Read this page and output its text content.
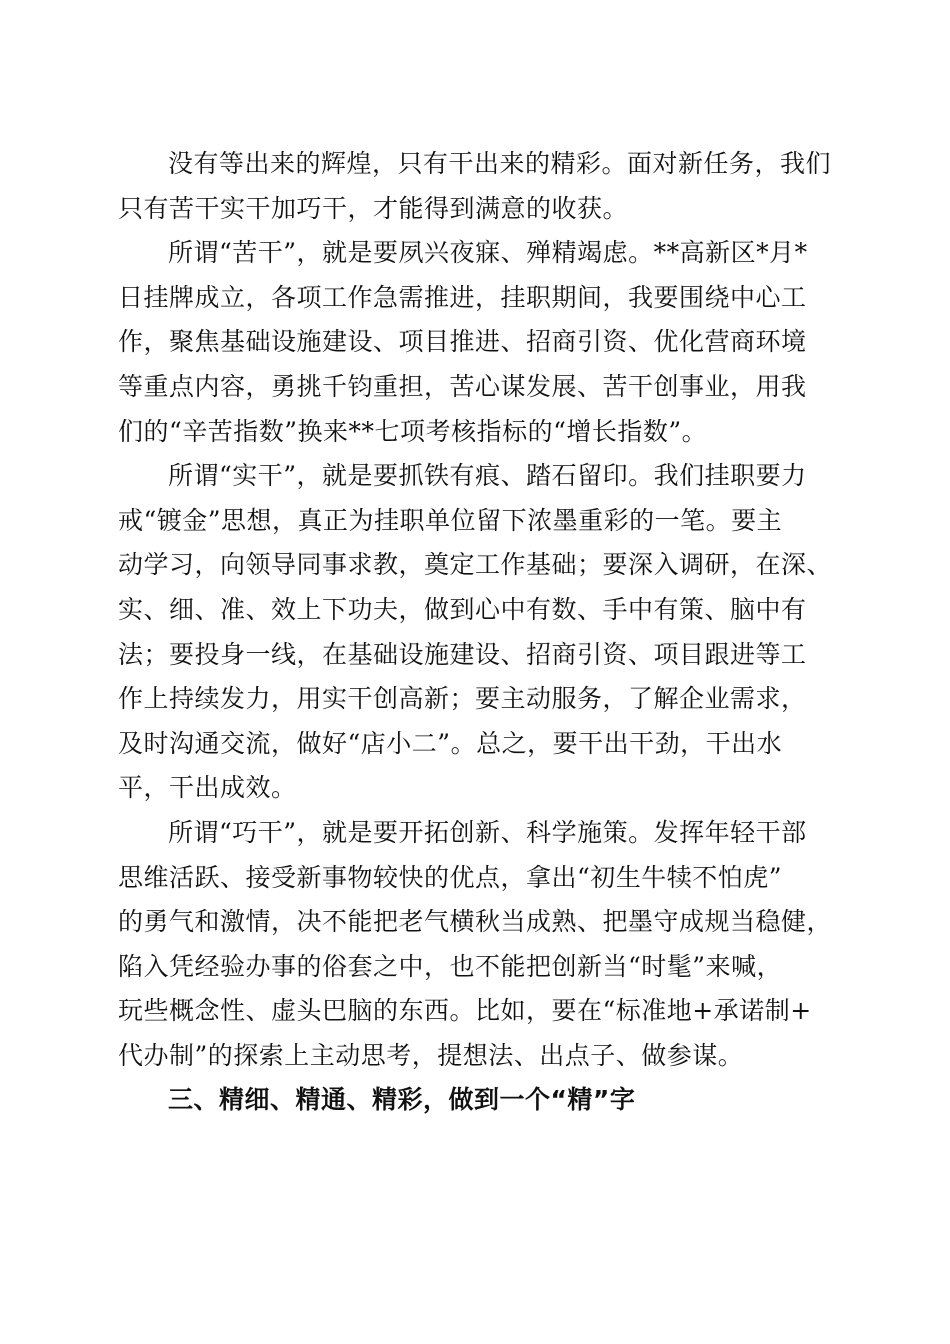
没有等出来的辉煌，只有干出来的精彩。面对新任务，我们
只有苦干实干加巧干，才能得到满意的收获。

所谓“苦干”，就是要夙兴夜寐、殚精竭虑。**高新区*月*
日挂牌成立，各项工作急需推进，挂职期间，我要围绕中心工
作，聚焦基础设施建设、项目推进、招商引资、优化营商环境
等重点内容，勇挑千钧重担，苦心谋发展、苦干创事业，用我
们的“辛苦指数”换来**七项考核指标的“增长指数”。

所谓“实干”，就是要抓铁有痕、踏石留印。我们挂职要力
戒“镀金”思想，真正为挂职单位留下浓墨重彩的一笔。要主
动学习，向领导同事求教，奠定工作基础；要深入调研，在深、
实、细、准、效上下功夫，做到心中有数、手中有策、脑中有
法；要投身一线，在基础设施建设、招商引资、项目跟进等工
作上持续发力，用实干创高新；要主动服务，了解企业需求，
及时沟通交流，做好“店小二”。总之，要干出干劲，干出水
平，干出成效。

所谓“巧干”，就是要开拓创新、科学施策。发挥年轻干部
思维活跃、接受新事物较快的优点，拿出“初生牛犊不怕虎”
的勇气和激情，决不能把老气横秋当成熟、把墨守成规当稳健，
陷入凭经验办事的俗套之中，也不能把创新当“时髦”来喊，
玩些概念性、虚头巴脑的东西。比如，要在“标准地+承诺制+
代办制”的探索上主动思考，提想法、出点子、做参谋。

三、精细、精通、精彩，做到一个“精”字
